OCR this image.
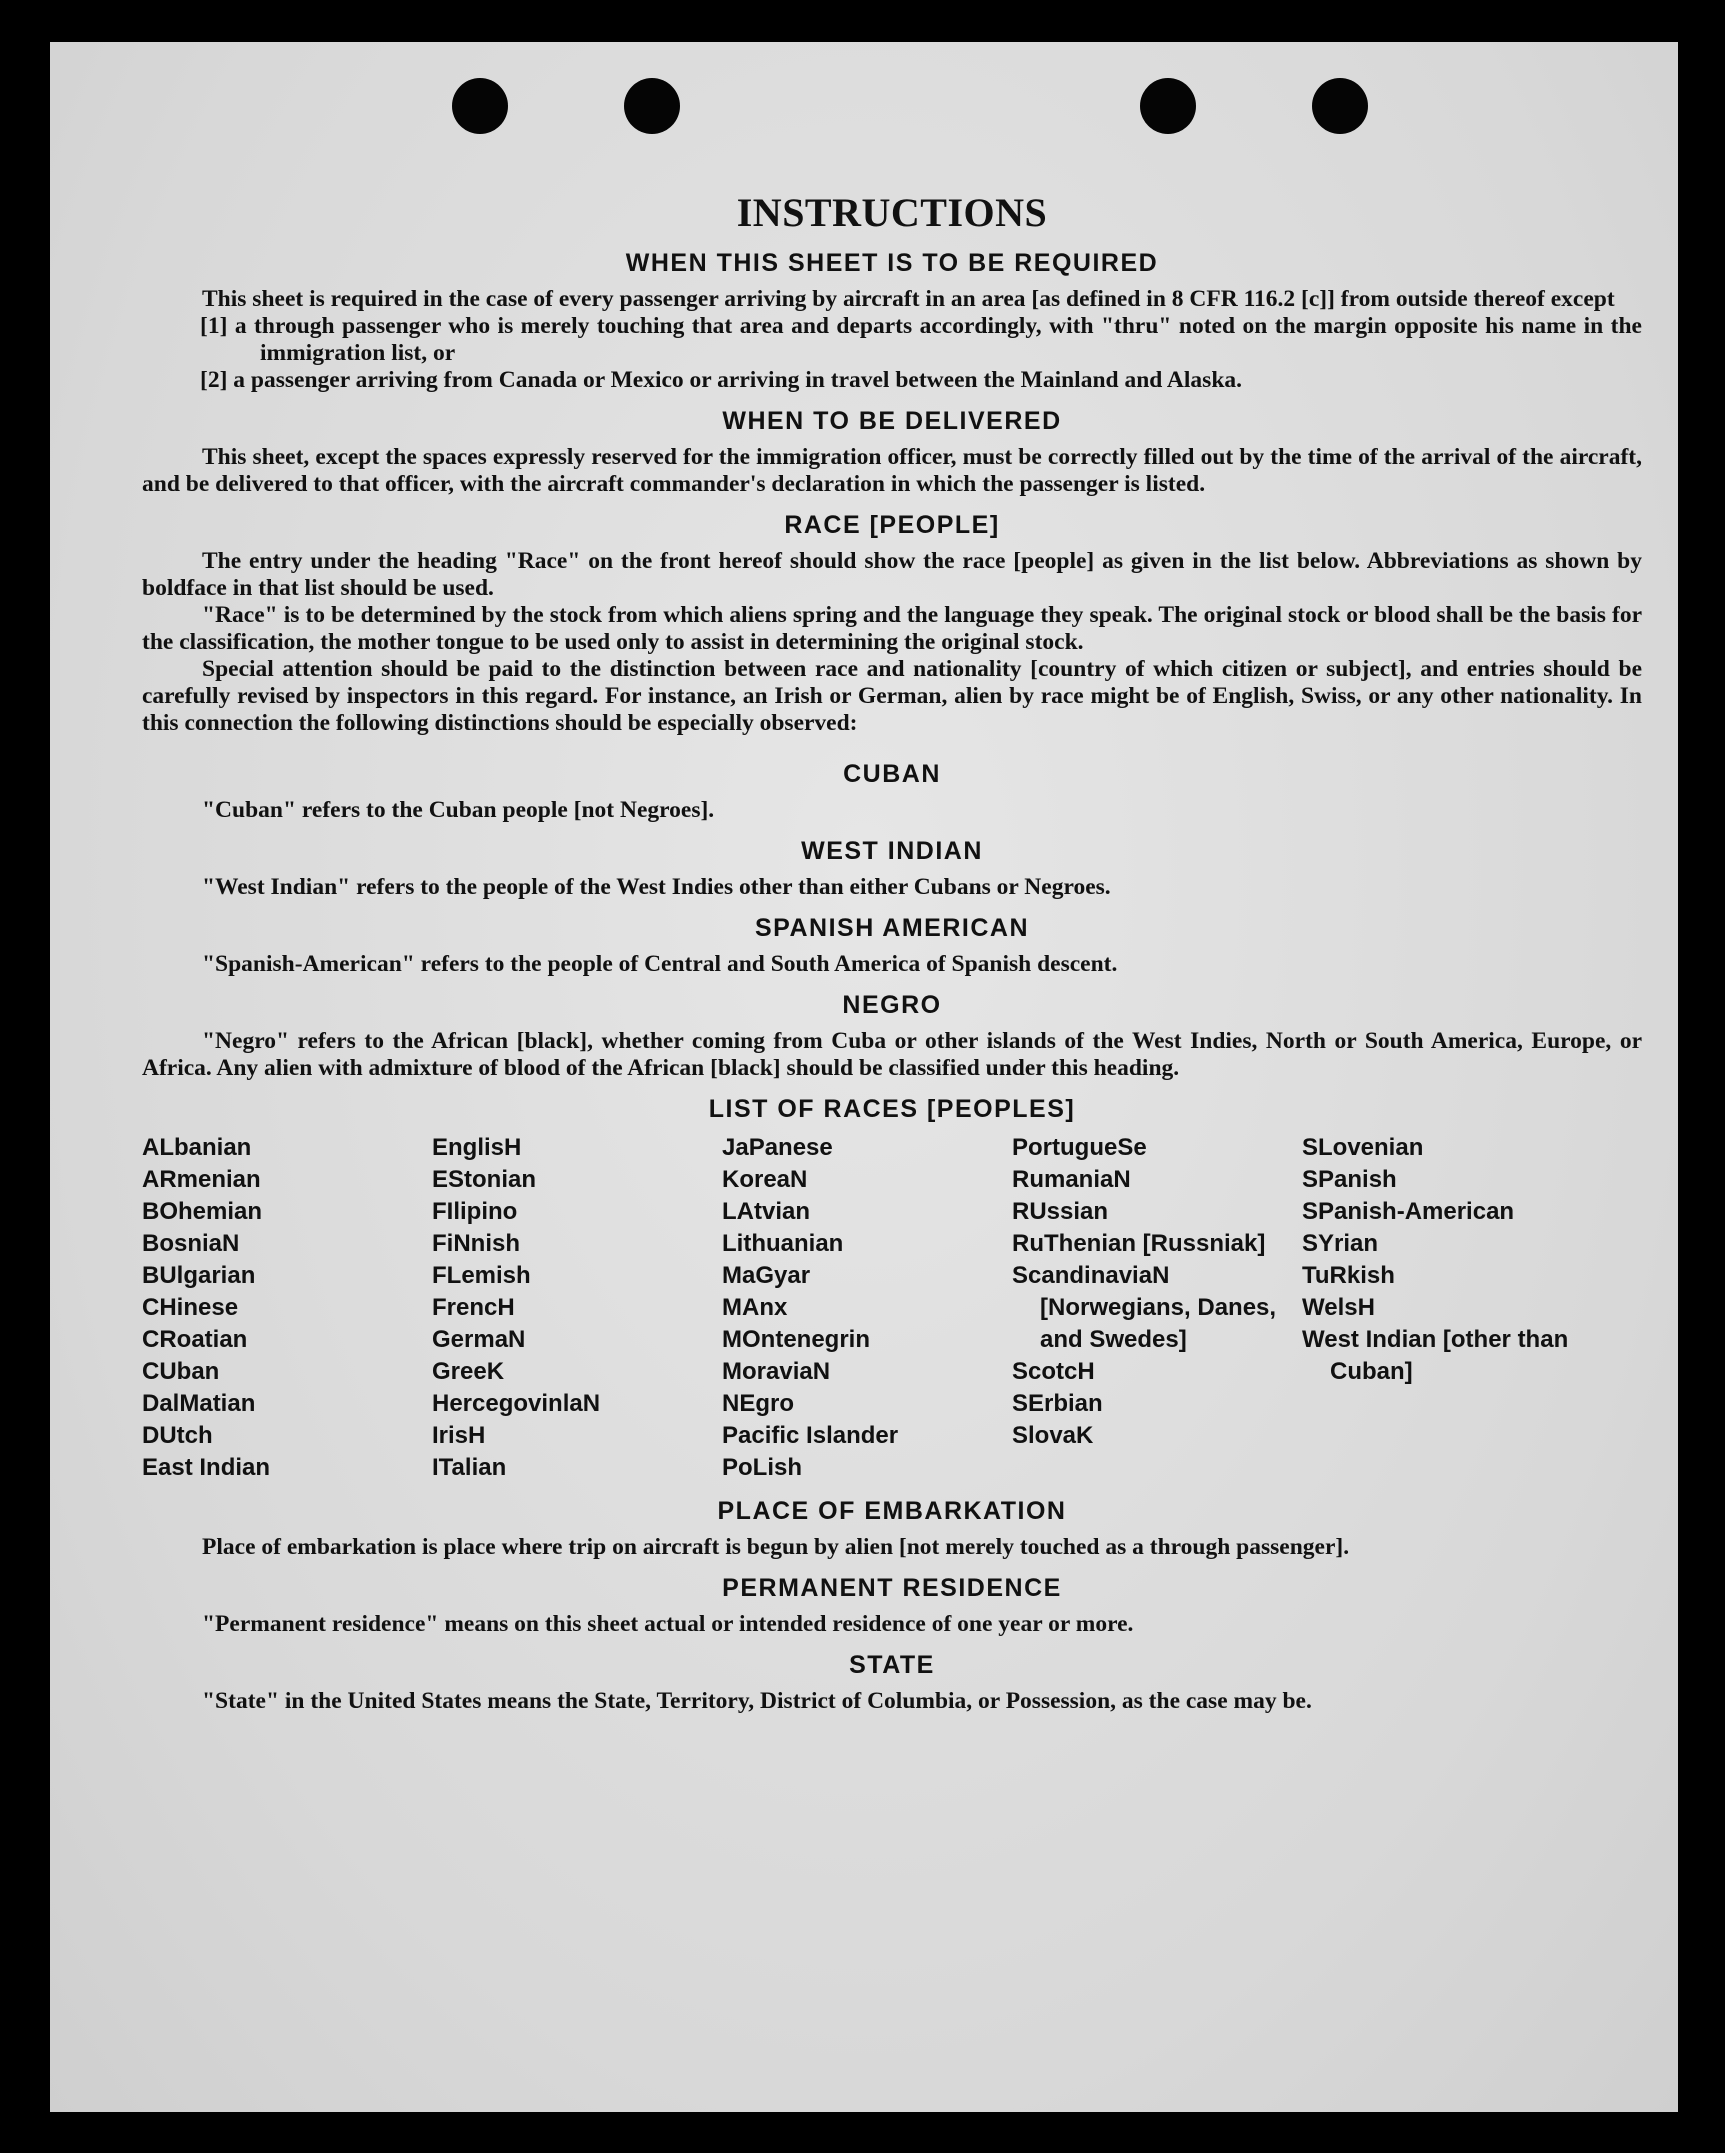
INSTRUCTIONS
WHEN THIS SHEET IS TO BE REQUIRED

This sheet is required in the case of every passenger arriving by aircraft in an area [as defined in 8 CFR 116.2 [c]] from outside thereof except

[1] a through passenger who is merely touching that area and departs accordingly, with "thru" noted on the margin opposite his name in the immigration list, or

[2] a passenger arriving from Canada or Mexico or arriving in travel between the Mainland and Alaska.

WHEN TO BE DELIVERED

This sheet, except the spaces expressly reserved for the immigration officer, must be correctly filled out by the time of the arrival of the aircraft, and be delivered to that officer, with the aircraft commander's declaration in which the passenger is listed.

RACE [PEOPLE]

The entry under the heading "Race" on the front hereof should show the race [people] as given in the list below. Abbreviations as shown by boldface in that list should be used.

"Race" is to be determined by the stock from which aliens spring and the language they speak. The original stock or blood shall be the basis for the classification, the mother tongue to be used only to assist in determining the original stock.

Special attention should be paid to the distinction between race and nationality [country of which citizen or subject], and entries should be carefully revised by inspectors in this regard. For instance, an Irish or German, alien by race might be of English, Swiss, or any other nationality. In this connection the following distinctions should be especially observed:

CUBAN

"Cuban" refers to the Cuban people [not Negroes].

WEST INDIAN

"West Indian" refers to the people of the West Indies other than either Cubans or Negroes.

SPANISH AMERICAN

"Spanish-American" refers to the people of Central and South America of Spanish descent.

NEGRO

"Negro" refers to the African [black], whether coming from Cuba or other islands of the West Indies, North or South America, Europe, or Africa. Any alien with admixture of blood of the African [black] should be classified under this heading.

LIST OF RACES [PEOPLES]
ALbanian
ARmenian
BOhemian
BosniaN
BUlgarian
CHinese
CRoatian
CUban
DalMatian
DUtch
East Indian
EnglisH
EStonian
FIlipino
FiNnish
FLemish
FrencH
GermaN
GreeK
HercegovinlaN
IrisH
ITalian
JaPanese
KoreaN
LAtvian
Lithuanian
MaGyar
MAnx
MOntenegrin
MoraviaN
NEgro
Pacific Islander
PoLish
PortugueSe
RumaniaN
RUssian
RuThenian [Russniak]
ScandinaviaN [Norwegians, Danes, and Swedes]
ScotcH
SErbian
SlovaK
SLovenian
SPanish
SPanish-American
SYrian
TuRkish
WelsH
West Indian [other than Cuban]
PLACE OF EMBARKATION

Place of embarkation is place where trip on aircraft is begun by alien [not merely touched as a through passenger].

PERMANENT RESIDENCE

"Permanent residence" means on this sheet actual or intended residence of one year or more.

STATE

"State" in the United States means the State, Territory, District of Columbia, or Possession, as the case may be.
